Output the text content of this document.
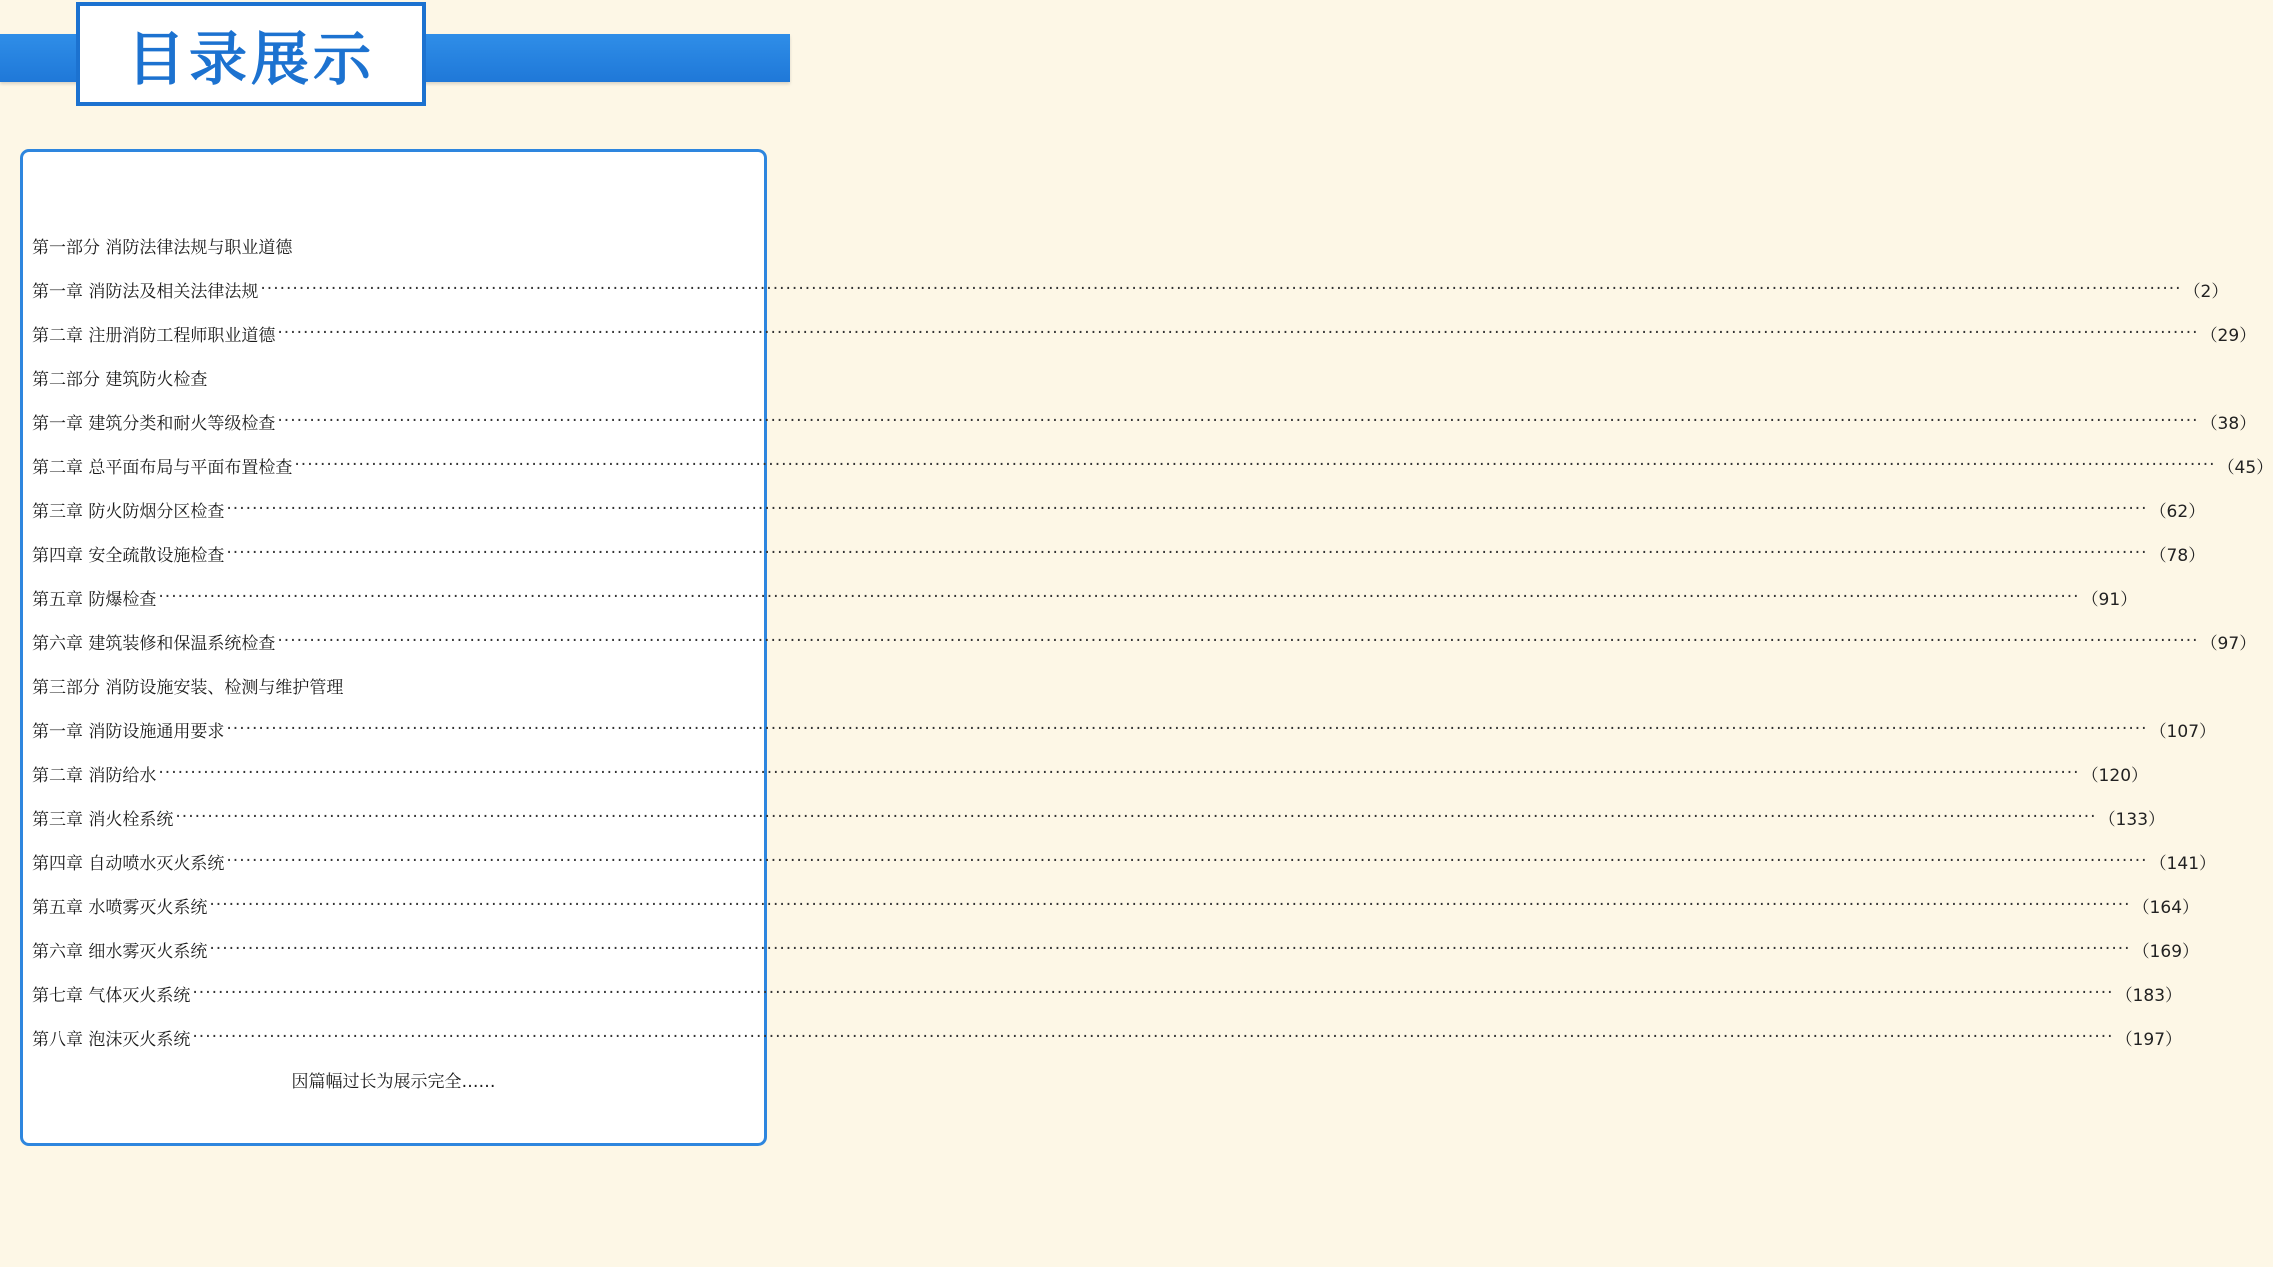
目录展示
第一部分 消防法律法规与职业道德
第一章 消防法及相关法律法规 ············································································································································································································································································································ （2）
第二章 注册消防工程师职业道德 ············································································································································································································································································································ （29）
第二部分 建筑防火检查
第一章 建筑分类和耐火等级检查 ············································································································································································································································································································ （38）
第二章 总平面布局与平面布置检查 ············································································································································································································································································································ （45）
第三章 防火防烟分区检查 ············································································································································································································································································································ （62）
第四章 安全疏散设施检查 ············································································································································································································································································································ （78）
第五章 防爆检查 ············································································································································································································································································································ （91）
第六章 建筑装修和保温系统检查 ············································································································································································································································································································ （97）
第三部分 消防设施安装、检测与维护管理
第一章 消防设施通用要求 ············································································································································································································································································································ （107）
第二章 消防给水 ············································································································································································································································································································ （120）
第三章 消火栓系统 ············································································································································································································································································································ （133）
第四章 自动喷水灭火系统 ············································································································································································································································································································ （141）
第五章 水喷雾灭火系统 ············································································································································································································································································································ （164）
第六章 细水雾灭火系统 ············································································································································································································································································································ （169）
第七章 气体灭火系统 ············································································································································································································································································································ （183）
第八章 泡沫灭火系统 ············································································································································································································································································································ （197）
因篇幅过长为展示完全……
